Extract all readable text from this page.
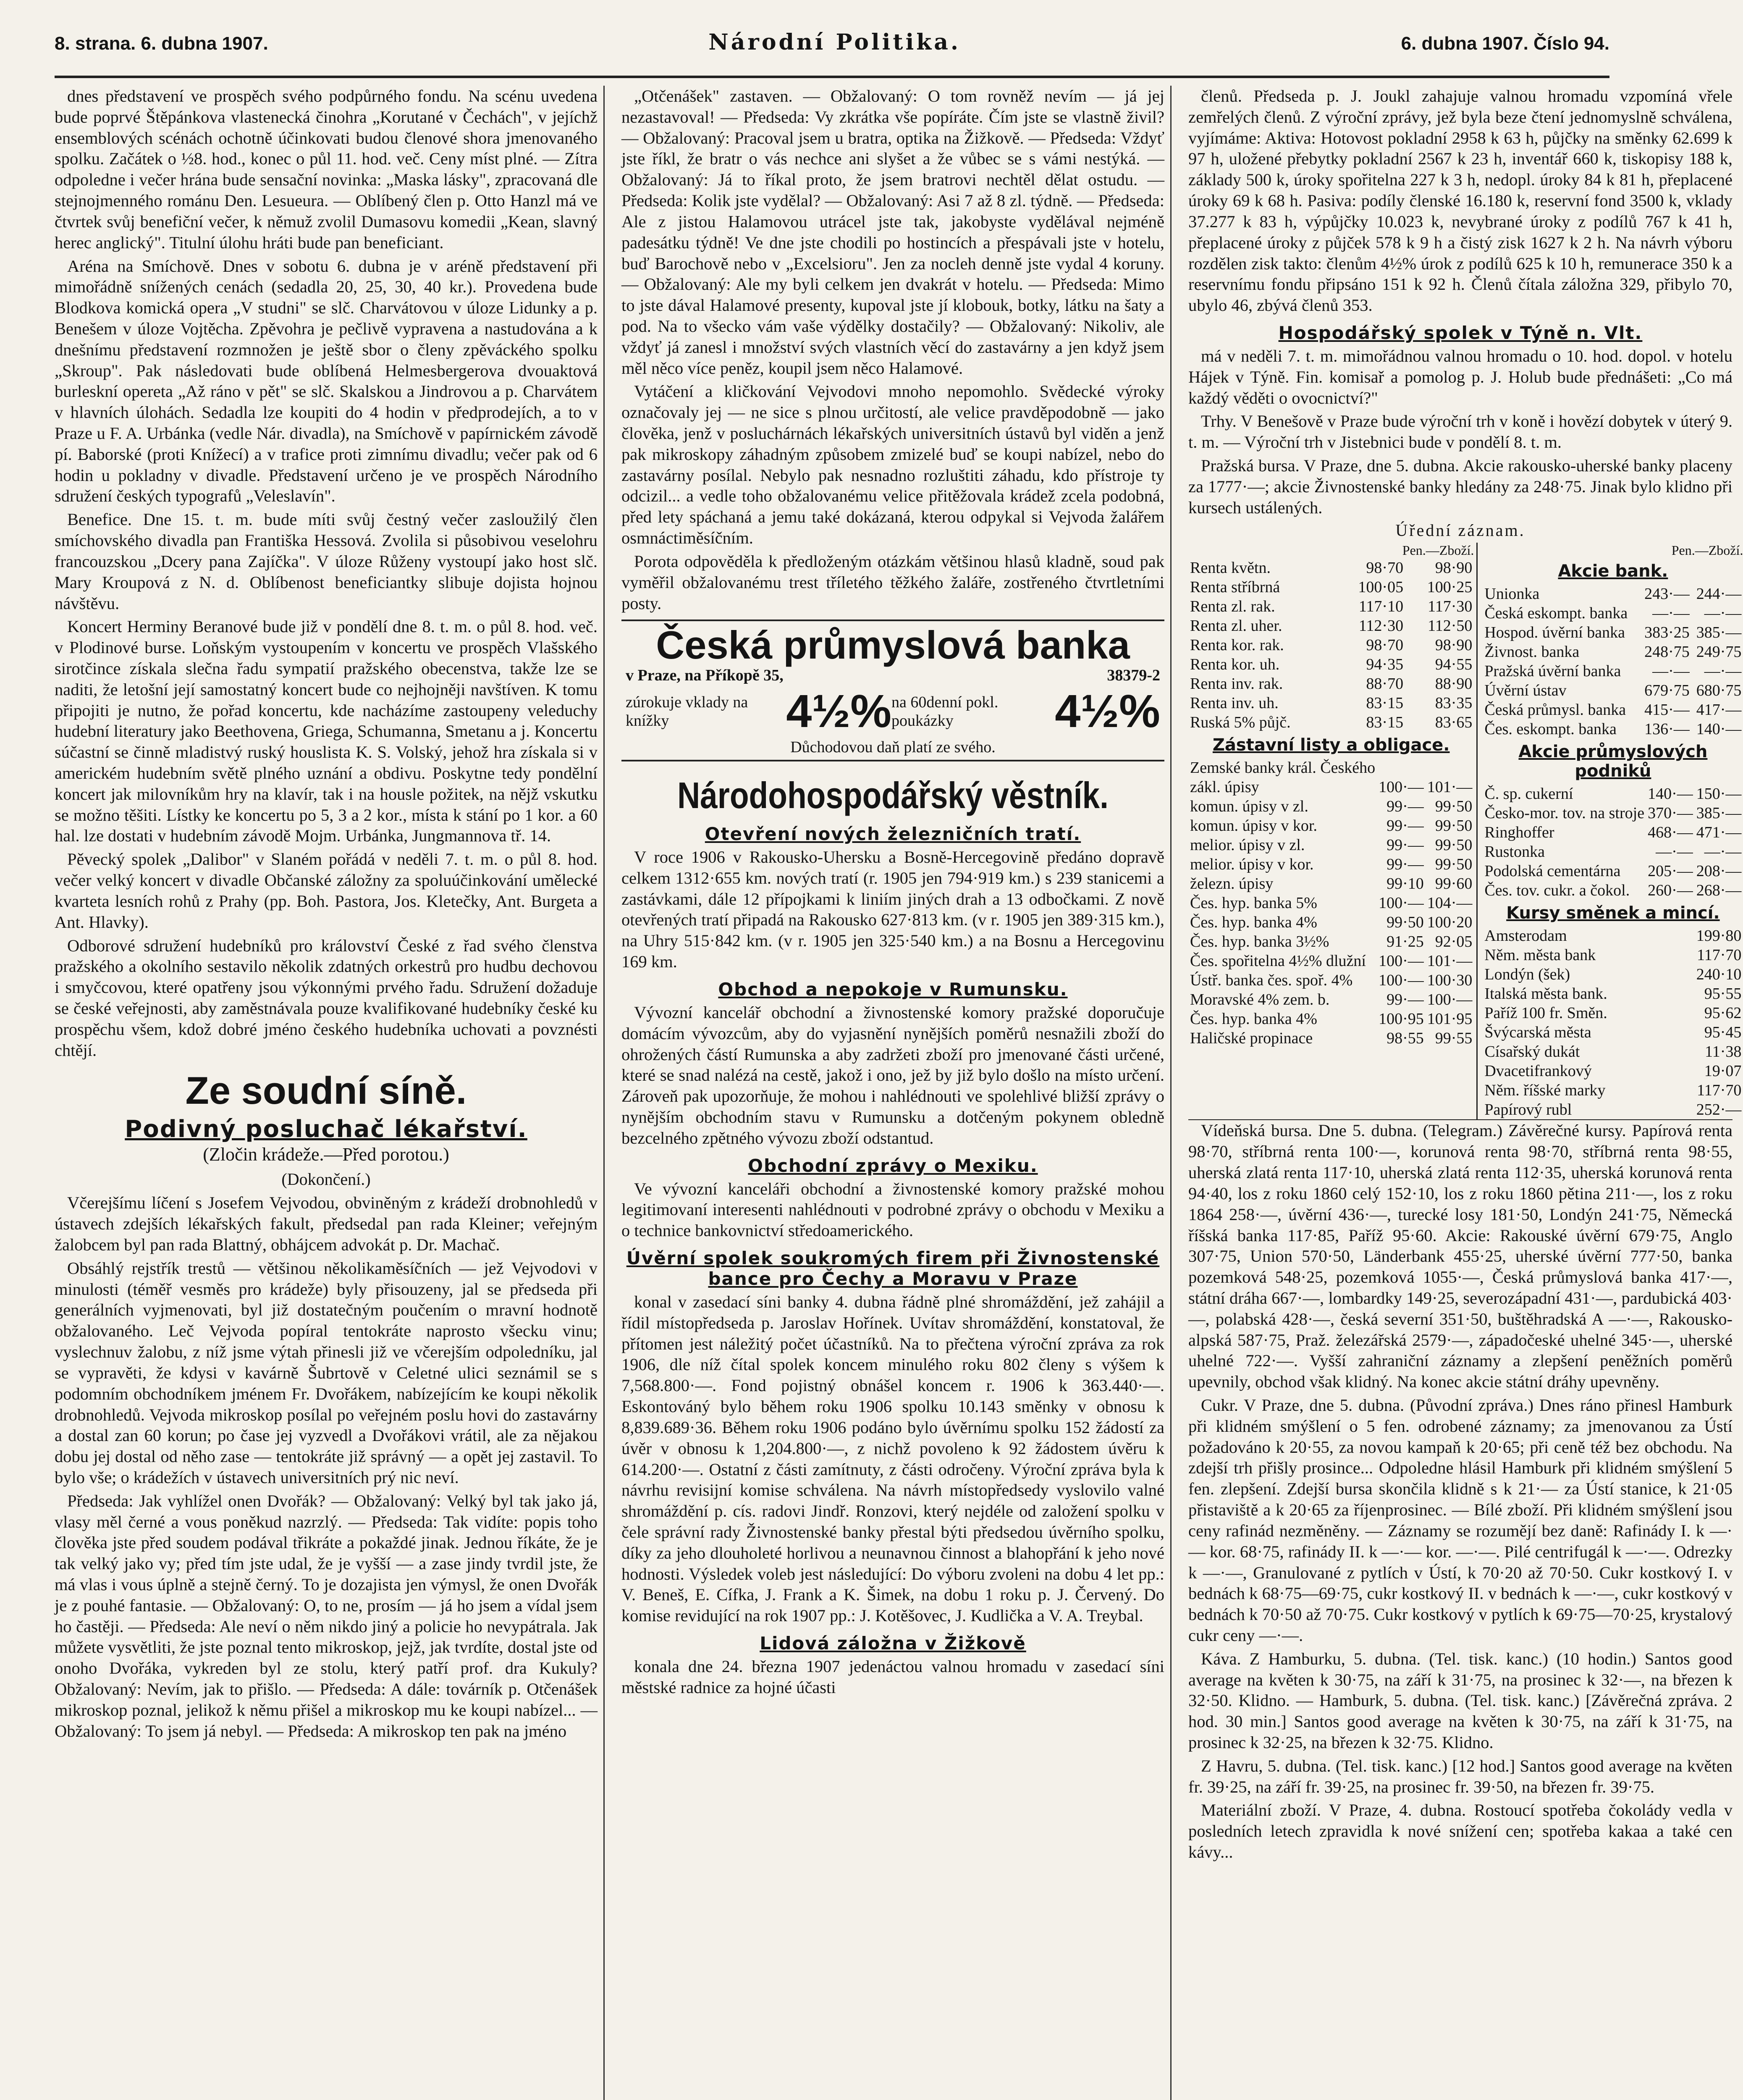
8. strana. 6. dubna 1907.	Národní Politika.	6. dubna 1907. Číslo 94.

dnes představení ve prospěch svého podpůrného fondu. Na scénu uvedena bude poprvé Štěpánkova vlastenecká činohra „Korutané v Čechách", v jejíchž ensemblových scénách ochotně účinkovati budou členové shora jmenovaného spolku. Začátek o ½8. hod., konec o půl 11. hod. več. Ceny míst plné. — Zítra odpoledne i večer hrána bude sensační novinka: „Maska lásky", zpracovaná dle stejnojmenného románu Den. Lesueura. — Oblíbený člen p. Otto Hanzl má ve čtvrtek svůj benefiční večer, k němuž zvolil Dumasovu komedii „Kean, slavný herec anglický". Titulní úlohu hráti bude pan beneficiant.

Aréna na Smíchově. Dnes v sobotu 6. dubna je v aréně představení při mimořádně snížených cenách (sedadla 20, 25, 30, 40 kr.). Provedena bude Blodkova komická opera „V studni" se slč. Charvátovou v úloze Lidunky a p. Benešem v úloze Vojtěcha. Zpěvohra je pečlivě vypravena a nastudována a k dnešnímu představení rozmnožen je ještě sbor o členy zpěváckého spolku „Skroup". Pak následovati bude oblíbená Helmesbergerova dvouaktová burleskní opereta „Až ráno v pět" se slč. Skalskou a Jindrovou a p. Charvátem v hlavních úlohách. Sedadla lze koupiti do 4 hodin v předprodejích, a to v Praze u F. A. Urbánka (vedle Nár. divadla), na Smíchově v papírnickém závodě pí. Baborské (proti Knížecí) a v trafice proti zimnímu divadlu; večer pak od 6 hodin u pokladny v divadle. Představení určeno je ve prospěch Národního sdružení českých typografů „Veleslavín".

Benefice. Dne 15. t. m. bude míti svůj čestný večer zasloužilý člen smíchovského divadla pan Františka Hessová. Zvolila si působivou veselohru francouzskou „Dcery pana Zajíčka". V úloze Růženy vystoupí jako host slč. Mary Kroupová z N. d. Oblíbenost beneficiantky slibuje dojista hojnou návštěvu.

Koncert Herminy Beranové bude již v pondělí dne 8. t. m. o půl 8. hod. več. v Plodinové burse. Loňským vystoupením v koncertu ve prospěch Vlašského sirotčince získala slečna řadu sympatií pražského obecenstva, takže lze se naditi, že letošní její samostatný koncert bude co nejhojněji navštíven. K tomu připojiti je nutno, že pořad koncertu, kde nacházíme zastoupeny veleduchy hudební literatury jako Beethovena, Griega, Schumanna, Smetanu a j. Koncertu súčastní se činně mladistvý ruský houslista K. S. Volský, jehož hra získala si v americkém hudebním světě plného uznání a obdivu. Poskytne tedy pondělní koncert jak milovníkům hry na klavír, tak i na housle požitek, na nějž vskutku se možno těšiti. Lístky ke koncertu po 5, 3 a 2 kor., místa k stání po 1 kor. a 60 hal. lze dostati v hudebním závodě Mojm. Urbánka, Jungmannova tř. 14.

Pěvecký spolek „Dalibor" v Slaném pořádá v neděli 7. t. m. o půl 8. hod. večer velký koncert v divadle Občanské záložny za spoluúčinkování umělecké kvarteta lesních rohů z Prahy (pp. Boh. Pastora, Jos. Kletečky, Ant. Burgeta a Ant. Hlavky).

Odborové sdružení hudebníků pro království České z řad svého členstva pražského a okolního sestavilo několik zdatných orkestrů pro hudbu dechovou i smyčcovou, které opatřeny jsou výkonnými prvého řadu. Sdružení dožaduje se české veřejnosti, aby zaměstnávala pouze kvalifikované hudebníky české ku prospěchu všem, kdož dobré jméno českého hudebníka uchovati a povznésti chtějí.

Ze soudní síně.
Podivný posluchač lékařství.
(Zločin krádeže.—Před porotou.)
(Dokončení.)

Včerejšímu líčení s Josefem Vejvodou, obviněným z krádeží drobnohledů v ústavech zdejších lékařských fakult, předsedal pan rada Kleiner; veřejným žalobcem byl pan rada Blattný, obhájcem advokát p. Dr. Machač.

Obsáhlý rejstřík trestů — většinou několikaměsíčních — jež Vejvodovi v minulosti (téměř vesměs pro krádeže) byly přisouzeny, jal se předseda při generálních vyjmenovati, byl již dostatečným poučením o mravní hodnotě obžalovaného. Leč Vejvoda popíral tentokráte naprosto všecku vinu; vyslechnuv žalobu, z níž jsme výtah přinesli již ve včerejším odpoledníku, jal se vypravěti, že kdysi v kavárně Šubrtově v Celetné ulici seznámil se s podomním obchodníkem jménem Fr. Dvořákem, nabízejícím ke koupi několik drobnohledů. Vejvoda mikroskop posílal po veřejném poslu hovi do zastavárny a dostal zan 60 korun; po čase jej vyzvedl a Dvořákovi vrátil, ale za nějakou dobu jej dostal od něho zase — tentokráte již správný — a opět jej zastavil. To bylo vše; o krádežích v ústavech universitních prý nic neví.

Předseda: Jak vyhlížel onen Dvořák? — Obžalovaný: Velký byl tak jako já, vlasy měl černé a vous poněkud nazrzlý. — Předseda: Tak vidíte: popis toho člověka jste před soudem podával třikráte a pokaždé jinak. Jednou říkáte, že je tak velký jako vy; před tím jste udal, že je vyšší — a zase jindy tvrdil jste, že má vlas i vous úplně a stejně černý. To je dozajista jen výmysl, že onen Dvořák je z pouhé fantasie. — Obžalovaný: O, to ne, prosím — já ho jsem a vídal jsem ho častěji. — Předseda: Ale neví o něm nikdo jiný a policie ho nevypátrala. Jak můžete vysvětliti, že jste poznal tento mikroskop, jejž, jak tvrdíte, dostal jste od onoho Dvořáka, vykreden byl ze stolu, který patří prof. dra Kukuly? Obžalovaný: Nevím, jak to přišlo. — Předseda: A dále: továrník p. Otčenášek mikroskop poznal, jelikož k němu přišel a mikroskop mu ke koupi nabízel... — Obžalovaný: To jsem já nebyl. — Předseda: A mikroskop ten pak na jméno

„Otčenášek" zastaven. — Obžalovaný: O tom rovněž nevím — já jej nezastavoval! — Předseda: Vy zkrátka vše popíráte. Čím jste se vlastně živil? — Obžalovaný: Pracoval jsem u bratra, optika na Žižkově. — Předseda: Vždyť jste říkl, že bratr o vás nechce ani slyšet a že vůbec se s vámi nestýká. — Obžalovaný: Já to říkal proto, že jsem bratrovi nechtěl dělat ostudu. — Předseda: Kolik jste vydělal? — Obžalovaný: Asi 7 až 8 zl. týdně. — Předseda: Ale z jistou Halamovou utrácel jste tak, jakobyste vydělával nejméně padesátku týdně! Ve dne jste chodili po hostincích a přespávali jste v hotelu, buď Barochově nebo v „Excelsioru". Jen za nocleh denně jste vydal 4 koruny. — Obžalovaný: Ale my byli celkem jen dvakrát v hotelu. — Předseda: Mimo to jste dával Halamové presenty, kupoval jste jí klobouk, botky, látku na šaty a pod. Na to všecko vám vaše výdělky dostačily? — Obžalovaný: Nikoliv, ale vždyť já zanesl i množství svých vlastních věcí do zastavárny a jen když jsem měl něco více peněz, koupil jsem něco Halamové.

Vytáčení a kličkování Vejvodovi mnoho nepomohlo. Svědecké výroky označovaly jej — ne sice s plnou určitostí, ale velice pravděpodobně — jako člověka, jenž v posluchárnách lékařských universitních ústavů byl viděn a jenž pak mikroskopy záhadným způsobem zmizelé buď se koupi nabízel, nebo do zastavárny posílal. Nebylo pak nesnadno rozluštiti záhadu, kdo přístroje ty odcizil... a vedle toho obžalovanému velice přitěžovala krádež zcela podobná, před lety spáchaná a jemu také dokázaná, kterou odpykal si Vejvoda žalářem osmnáctiměsíčním.

Porota odpověděla k předloženým otázkám většinou hlasů kladně, soud pak vyměřil obžalovanému trest tříletého těžkého žaláře, zostřeného čtvrtletními posty.

Česká průmyslová banka
v Praze, na Příkopě 35,	38379-2
zúrokuje vklady na knížky	4½% na 60denní pokl. poukázky	4½%
Důchodovou daň platí ze svého.
Národohospodářský věstník.
Otevření nových železničních tratí.

V roce 1906 v Rakousko-Uhersku a Bosně-Hercegovině předáno dopravě celkem 1312·655 km. nových tratí (r. 1905 jen 794·919 km.) s 239 stanicemi a zastávkami, dále 12 přípojkami k liniím jiných drah a 13 odbočkami. Z nově otevřených tratí připadá na Rakousko 627·813 km. (v r. 1905 jen 389·315 km.), na Uhry 515·842 km. (v r. 1905 jen 325·540 km.) a na Bosnu a Hercegovinu 169 km.

Obchod a nepokoje v Rumunsku.

Vývozní kancelář obchodní a živnostenské komory pražské doporučuje domácím vývozcům, aby do vyjasnění nynějších poměrů nesnažili zboží do ohrožených částí Rumunska a aby zadržeti zboží pro jmenované části určené, které se snad nalézá na cestě, jakož i ono, jež by již bylo došlo na místo určení. Zároveň pak upozorňuje, že mohou i nahlédnouti ve spolehlivé bližší zprávy o nynějším obchodním stavu v Rumunsku a dotčeným pokynem obledně bezcelného zpětného vývozu zboží odstantud.

Obchodní zprávy o Mexiku.

Ve vývozní kanceláři obchodní a živnostenské komory pražské mohou legitimovaní interesenti nahlédnouti v podrobné zprávy o obchodu v Mexiku a o technice bankovnictví středoamerického.

Úvěrní spolek soukromých firem při Živnostenské bance pro Čechy a Moravu v Praze

konal v zasedací síni banky 4. dubna řádně plné shromáždění, jež zahájil a řídil místopředseda p. Jaroslav Hořínek. Uvítav shromáždění, konstatoval, že přítomen jest náležitý počet účastníků. Na to přečtena výroční zpráva za rok 1906, dle níž čítal spolek koncem minulého roku 802 členy s výšem k 7,568.800·—. Fond pojistný obnášel koncem r. 1906 k 363.440·—. Eskontováný bylo během roku 1906 spolku 10.143 směnky v obnosu k 8,839.689·36. Během roku 1906 podáno bylo úvěrnímu spolku 152 žádostí za úvěr v obnosu k 1,204.800·—, z nichž povoleno k 92 žádostem úvěru k 614.200·—. Ostatní z části zamítnuty, z části odročeny. Výroční zpráva byla k návrhu revisijní komise schválena. Na návrh místopředsedy vyslovilo valné shromáždění p. cís. radovi Jindř. Ronzovi, který nejdéle od založení spolku v čele správní rady Živnostenské banky přestal býti předsedou úvěrního spolku, díky za jeho dlouholeté horlivou a neunavnou činnost a blahopřání k jeho nové hodnosti. Výsledek voleb jest následující: Do výboru zvoleni na dobu 4 let pp.: V. Beneš, E. Cífka, J. Frank a K. Šimek, na dobu 1 roku p. J. Červený. Do komise revidující na rok 1907 pp.: J. Kotěšovec, J. Kudlička a V. A. Treybal.

Lidová záložna v Žižkově

konala dne 24. března 1907 jedenáctou valnou hromadu v zasedací síni městské radnice za hojné účasti

členů. Předseda p. J. Joukl zahajuje valnou hromadu vzpomíná vřele zemřelých členů. Z výroční zprávy, jež byla beze čtení jednomyslně schválena, vyjímáme: Aktiva: Hotovost pokladní 2958 k 63 h, půjčky na směnky 62.699 k 97 h, uložené přebytky pokladní 2567 k 23 h, inventář 660 k, tiskopisy 188 k, základy 500 k, úroky spořitelna 227 k 3 h, nedopl. úroky 84 k 81 h, přeplacené úroky 69 k 68 h. Pasiva: podíly členské 16.180 k, reservní fond 3500 k, vklady 37.277 k 83 h, výpůjčky 10.023 k, nevybrané úroky z podílů 767 k 41 h, přeplacené úroky z půjček 578 k 9 h a čistý zisk 1627 k 2 h. Na návrh výboru rozdělen zisk takto: členům 4½% úrok z podílů 625 k 10 h, remunerace 350 k a reservnímu fondu připsáno 151 k 92 h. Členů čítala záložna 329, přibylo 70, ubylo 46, zbývá členů 353.

Hospodářský spolek v Týně n. Vlt.

má v neděli 7. t. m. mimořádnou valnou hromadu o 10. hod. dopol. v hotelu Hájek v Týně. Fin. komisař a pomolog p. J. Holub bude přednášeti: „Co má každý věděti o ovocnictví?"

Trhy. V Benešově v Praze bude výroční trh v koně i hovězí dobytek v úterý 9. t. m. — Výroční trh v Jistebnici bude v pondělí 8. t. m.

Pražská bursa. V Praze, dne 5. dubna. Akcie rakousko-uherské banky placeny za 1777·—; akcie Živnostenské banky hledány za 248·75. Jinak bylo klidno při kursech ustálených.

Úřední záznam.
Pen.—Zboží.
Renta květn.	98·70	98·90
Renta stříbrná	100·05	100·25
Renta zl. rak.	117·10	117·30
Renta zl. uher.	112·30	112·50
Renta kor. rak.	98·70	98·90
Renta kor. uh.	94·35	94·55
Renta inv. rak.	88·70	88·90
Renta inv. uh.	83·15	83·35
Ruská 5% půjč.	83·15	83·65
Zástavní listy a obligace.
Zemské banky král. Českého		
zákl. úpisy	100·—	101·—
komun. úpisy v zl.	99·—	99·50
komun. úpisy v kor.	99·—	99·50
melior. úpisy v zl.	99·—	99·50
melior. úpisy v kor.	99·—	99·50
železn. úpisy	99·10	99·60
Čes. hyp. banka 5%	100·—	104·—
Čes. hyp. banka 4%	99·50	100·20
Čes. hyp. banka 3½%	91·25	92·05
Čes. spořitelna 4½% dlužní	100·—	101·—
Ústř. banka čes. spoř. 4%	100·—	100·30
Moravské 4% zem. b.	99·—	100·—
Čes. hyp. banka 4%	100·95	101·95
Haličské propinace	98·55	99·55
Pen.—Zboží.
Akcie bank.
Unionka	243·—	244·—
Česká eskompt. banka	—·—	—·—
Hospod. úvěrní banka	383·25	385·—
Živnost. banka	248·75	249·75
Pražská úvěrní banka	—·—	—·—
Úvěrní ústav	679·75	680·75
Česká průmysl. banka	415·—	417·—
Čes. eskompt. banka	136·—	140·—
Akcie průmyslových podniků
Č. sp. cukerní	140·—	150·—
Česko-mor. tov. na stroje	370·—	385·—
Ringhoffer	468·—	471·—
Rustonka	—·—	—·—
Podolská cementárna	205·—	208·—
Čes. tov. cukr. a čokol.	260·—	268·—
Kursy směnek a mincí.
Amsterodam		199·80
Něm. města bank		117·70
Londýn (šek)		240·10
Italská města bank.		95·55
Paříž 100 fr. Směn.		95·62
Švýcarská města		95·45
Císařský dukát		11·38
Dvacetifrankový		19·07
Něm. říšské marky		117·70
Papírový rubl		252·—

Vídeňská bursa. Dne 5. dubna. (Telegram.) Závěrečné kursy. Papírová renta 98·70, stříbrná renta 100·—, korunová renta 98·70, stříbrná renta 98·55, uherská zlatá renta 117·10, uherská zlatá renta 112·35, uherská korunová renta 94·40, los z roku 1860 celý 152·10, los z roku 1860 pětina 211·—, los z roku 1864 258·—, úvěrní 436·—, turecké losy 181·50, Londýn 241·75, Německá říšská banka 117·85, Paříž 95·60. Akcie: Rakouské úvěrní 679·75, Anglo 307·75, Union 570·50, Länderbank 455·25, uherské úvěrní 777·50, banka pozemková 548·25, pozemková 1055·—, Česká průmyslová banka 417·—, státní dráha 667·—, lombardky 149·25, severozápadní 431·—, pardubická 403·—, polabská 428·—, česká severní 351·50, buštěhradská A —·—, Rakousko-alpská 587·75, Praž. železářská 2579·—, západočeské uhelné 345·—, uherské uhelné 722·—. Vyšší zahraniční záznamy a zlepšení peněžních poměrů upevnily, obchod však klidný. Na konec akcie státní dráhy upevněny.

Cukr. V Praze, dne 5. dubna. (Původní zpráva.) Dnes ráno přinesl Hamburk při klidném smýšlení o 5 fen. odrobené záznamy; za jmenovanou za Ústí požadováno k 20·55, za novou kampaň k 20·65; při ceně též bez obchodu. Na zdejší trh přišly prosince... Odpoledne hlásil Hamburk při klidném smýšlení 5 fen. zlepšení. Zdejší bursa skončila klidně s k 21·— za Ústí stanice, k 21·05 přistaviště a k 20·65 za říjenprosinec. — Bílé zboží. Při klidném smýšlení jsou ceny rafinád nezměněny. — Záznamy se rozumějí bez daně: Rafinády I. k —·— kor. 68·75, rafinády II. k —·— kor. —·—. Pilé centrifugál k —·—. Odrezky k —·—, Granulované z pytlích v Ústí, k 70·20 až 70·50. Cukr kostkový I. v bednách k 68·75—69·75, cukr kostkový II. v bednách k —·—, cukr kostkový v bednách k 70·50 až 70·75. Cukr kostkový v pytlích k 69·75—70·25, krystalový cukr ceny —·—.

Káva. Z Hamburku, 5. dubna. (Tel. tisk. kanc.) (10 hodin.) Santos good average na květen k 30·75, na září k 31·75, na prosinec k 32·—, na březen k 32·50. Klidno. — Hamburk, 5. dubna. (Tel. tisk. kanc.) [Závěrečná zpráva. 2 hod. 30 min.] Santos good average na květen k 30·75, na září k 31·75, na prosinec k 32·25, na březen k 32·75. Klidno.

Z Havru, 5. dubna. (Tel. tisk. kanc.) [12 hod.] Santos good average na květen fr. 39·25, na září fr. 39·25, na prosinec fr. 39·50, na březen fr. 39·75.

Materiální zboží. V Praze, 4. dubna. Rostoucí spotřeba čokolády vedla v posledních letech zpravidla k nové snížení cen; spotřeba kakaa a také cen kávy...
